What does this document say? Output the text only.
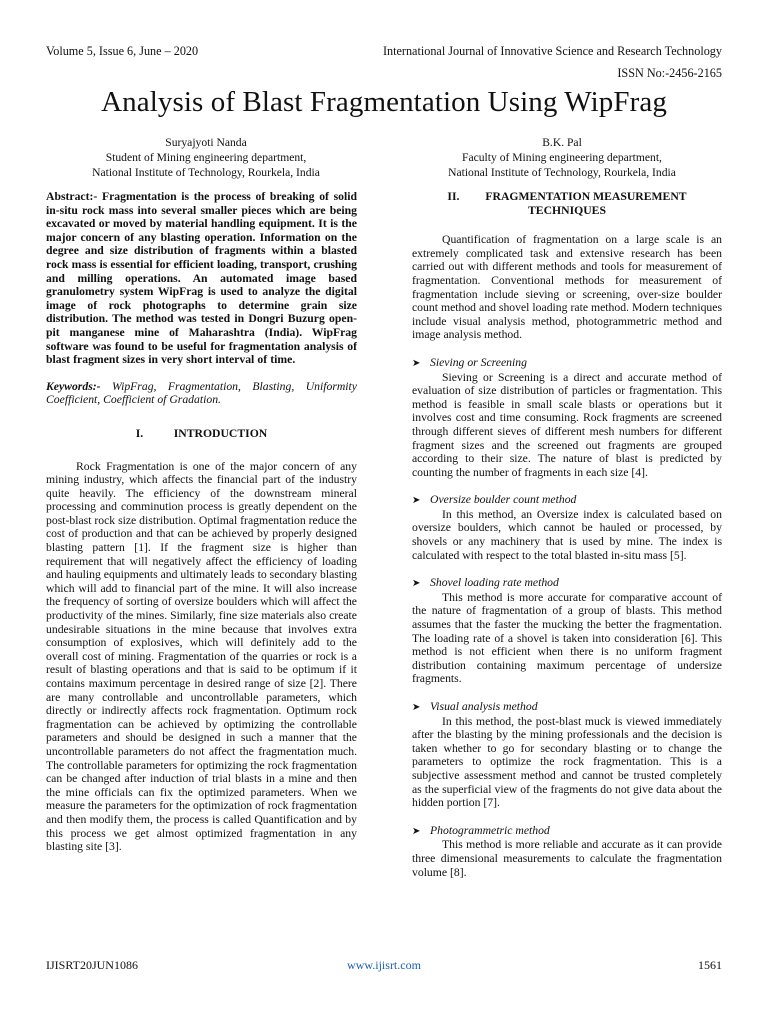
Volume 5, Issue 6, June – 2020	International Journal of Innovative Science and Research Technology
ISSN No:-2456-2165
Analysis of Blast Fragmentation Using WipFrag
Suryajyoti Nanda
Student of Mining engineering department,
National Institute of Technology, Rourkela, India
B.K. Pal
Faculty of Mining engineering department,
National Institute of Technology, Rourkela, India

Abstract:- Fragmentation is the process of breaking of solid in-situ rock mass into several smaller pieces which are being excavated or moved by material handling equipment. It is the major concern of any blasting operation. Information on the degree and size distribution of fragments within a blasted rock mass is essential for efficient loading, transport, crushing and milling operations. An automated image based granulometry system WipFrag is used to analyze the digital image of rock photographs to determine grain size distribution. The method was tested in Dongri Buzurg open-pit manganese mine of Maharashtra (India). WipFrag software was found to be useful for fragmentation analysis of blast fragment sizes in very short interval of time.

Keywords:- WipFrag, Fragmentation, Blasting, Uniformity Coefficient, Coefficient of Gradation.

I.	INTRODUCTION

Rock Fragmentation is one of the major concern of any mining industry, which affects the financial part of the industry quite heavily. The efficiency of the downstream mineral processing and comminution process is greatly dependent on the post-blast rock size distribution. Optimal fragmentation reduce the cost of production and that can be achieved by properly designed blasting pattern [1]. If the fragment size is higher than requirement that will negatively affect the efficiency of loading and hauling equipments and ultimately leads to secondary blasting which will add to financial part of the mine. It will also increase the frequency of sorting of oversize boulders which will affect the productivity of the mines. Similarly, fine size materials also create undesirable situations in the mine because that involves extra consumption of explosives, which will definitely add to the overall cost of mining. Fragmentation of the quarries or rock is a result of blasting operations and that is said to be optimum if it contains maximum percentage in desired range of size [2]. There are many controllable and uncontrollable parameters, which directly or indirectly affects rock fragmentation. Optimum rock fragmentation can be achieved by optimizing the controllable parameters and should be designed in such a manner that the uncontrollable parameters do not affect the fragmentation much. The controllable parameters for optimizing the rock fragmentation can be changed after induction of trial blasts in a mine and then the mine officials can fix the optimized parameters. When we measure the parameters for the optimization of rock fragmentation and then modify them, the process is called Quantification and by this process we get almost optimized fragmentation in any blasting site [3].

II. FRAGMENTATION MEASUREMENT
TECHNIQUES

Quantification of fragmentation on a large scale is an extremely complicated task and extensive research has been carried out with different methods and tools for measurement of fragmentation. Conventional methods for measurement of fragmentation include sieving or screening, over-size boulder count method and shovel loading rate method. Modern techniques include visual analysis method, photogrammetric method and image analysis method.

➤ Sieving or Screening

Sieving or Screening is a direct and accurate method of evaluation of size distribution of particles or fragmentation. This method is feasible in small scale blasts or operations but it involves cost and time consuming. Rock fragments are screened through different sieves of different mesh numbers for different fragment sizes and the screened out fragments are grouped according to their size. The nature of blast is predicted by counting the number of fragments in each size [4].

➤ Oversize boulder count method

In this method, an Oversize index is calculated based on oversize boulders, which cannot be hauled or processed, by shovels or any machinery that is used by mine. The index is calculated with respect to the total blasted in-situ mass [5].

➤ Shovel loading rate method

This method is more accurate for comparative account of the nature of fragmentation of a group of blasts. This method assumes that the faster the mucking the better the fragmentation. The loading rate of a shovel is taken into consideration [6]. This method is not efficient when there is no uniform fragment distribution containing maximum percentage of undersize fragments.

➤ Visual analysis method

In this method, the post-blast muck is viewed immediately after the blasting by the mining professionals and the decision is taken whether to go for secondary blasting or to change the parameters to optimize the rock fragmentation. This is a subjective assessment method and cannot be trusted completely as the superficial view of the fragments do not give data about the hidden portion [7].

➤ Photogrammetric method

This method is more reliable and accurate as it can provide three dimensional measurements to calculate the fragmentation volume [8].

IJISRT20JUN1086	www.ijisrt.com	1561
